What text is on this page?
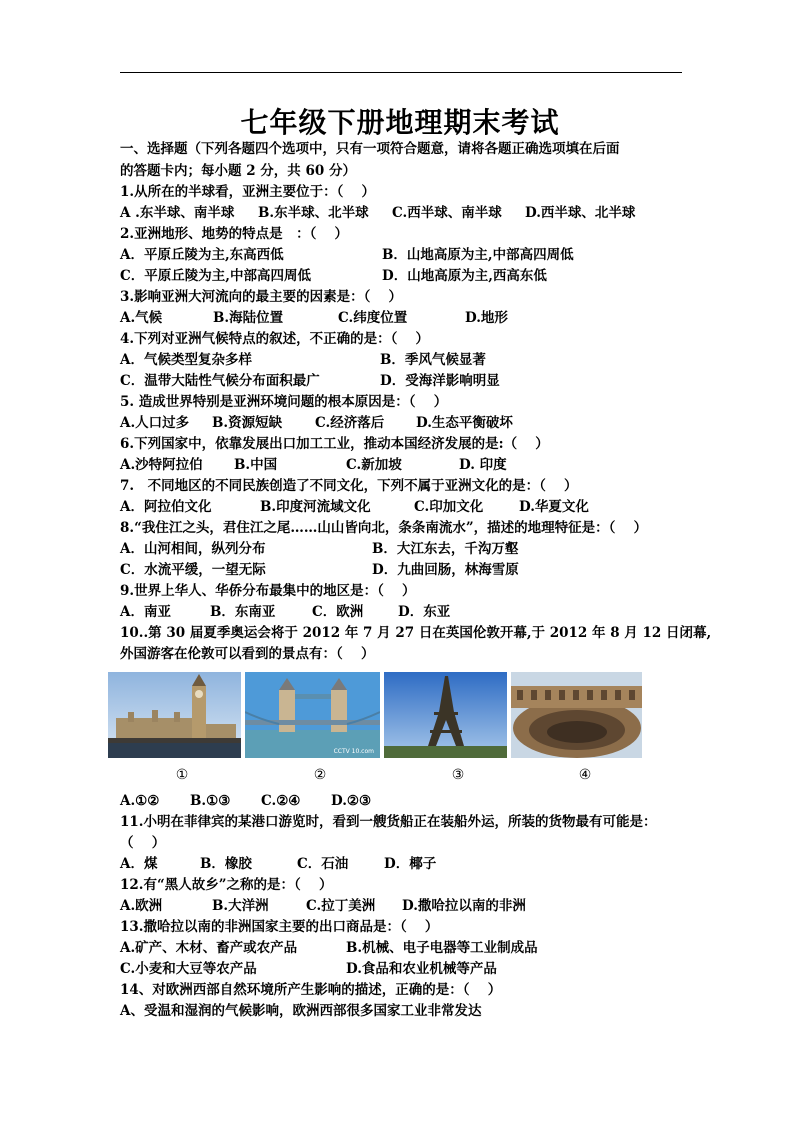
七年级下册地理期末考试
一、选择题（下列各题四个选项中，只有一项符合题意，请将各题正确选项填在后面
的答题卡内；每小题 2 分，共 60 分）
1.从所在的半球看，亚洲主要位于：（　 ）
A .东半球、南半球 B.东半球、北半球 C.西半球、南半球 D.西半球、北半球
2.亚洲地形、地势的特点是　：（　 ）
A．平原丘陵为主,东高西低	B．山地高原为主,中部高四周低
C．平原丘陵为主,中部高四周低	D．山地高原为主,西高东低
3.影响亚洲大河流向的最主要的因素是：（　 ）
A.气候	B.海陆位置	C.纬度位置	D.地形
4.下列对亚洲气候特点的叙述，不正确的是：（　 ）
A．气候类型复杂多样	B．季风气候显著
C．温带大陆性气候分布面积最广	D．受海洋影响明显
5. 造成世界特别是亚洲环境问题的根本原因是：（　 ）
A.人口过多 B.资源短缺 C.经济落后 D.生态平衡破坏
6.下列国家中，依靠发展出口加工工业，推动本国经济发展的是:（　 ）
A.沙特阿拉伯 B.中国	C.新加坡	D. 印度
7.　不同地区的不同民族创造了不同文化，下列不属于亚洲文化的是：（　 ）
A．阿拉伯文化	B.印度河流域文化	C.印加文化	D.华夏文化
8.“我住江之头，君住江之尾……山山皆向北，条条南流水”，描述的地理特征是：（　 ）
A．山河相间，纵列分布	B．大江东去，千沟万壑
C．水流平缓，一望无际	D．九曲回肠，林海雪原
9.世界上华人、华侨分布最集中的地区是：（　 ）
A．南亚	B．东南亚	C．欧洲	D．东亚
10..第 30 届夏季奥运会将于 2012 年 7 月 27 日在英国伦敦开幕,于 2012 年 8 月 12 日闭幕,
外国游客在伦敦可以看到的景点有：（　 ）
CCTV 10.com
①	②	③	④
A.①② B.①③ C.②④ D.②③
11.小明在菲律宾的某港口游览时，看到一艘货船正在装船外运，所装的货物最有可能是：
（　 ）
A．煤	B．橡胶	C．石油	D．椰子
12.有“黑人故乡”之称的是：（　 ）
A.欧洲	B.大洋洲	C.拉丁美洲 D.撒哈拉以南的非洲
13.撒哈拉以南的非洲国家主要的出口商品是：（　 ）
A.矿产、木材、畜产或农产品	B.机械、电子电器等工业制成品
C.小麦和大豆等农产品	D.食品和农业机械等产品
14、对欧洲西部自然环境所产生影响的描述，正确的是：（　 ）
A、受温和湿润的气候影响，欧洲西部很多国家工业非常发达
